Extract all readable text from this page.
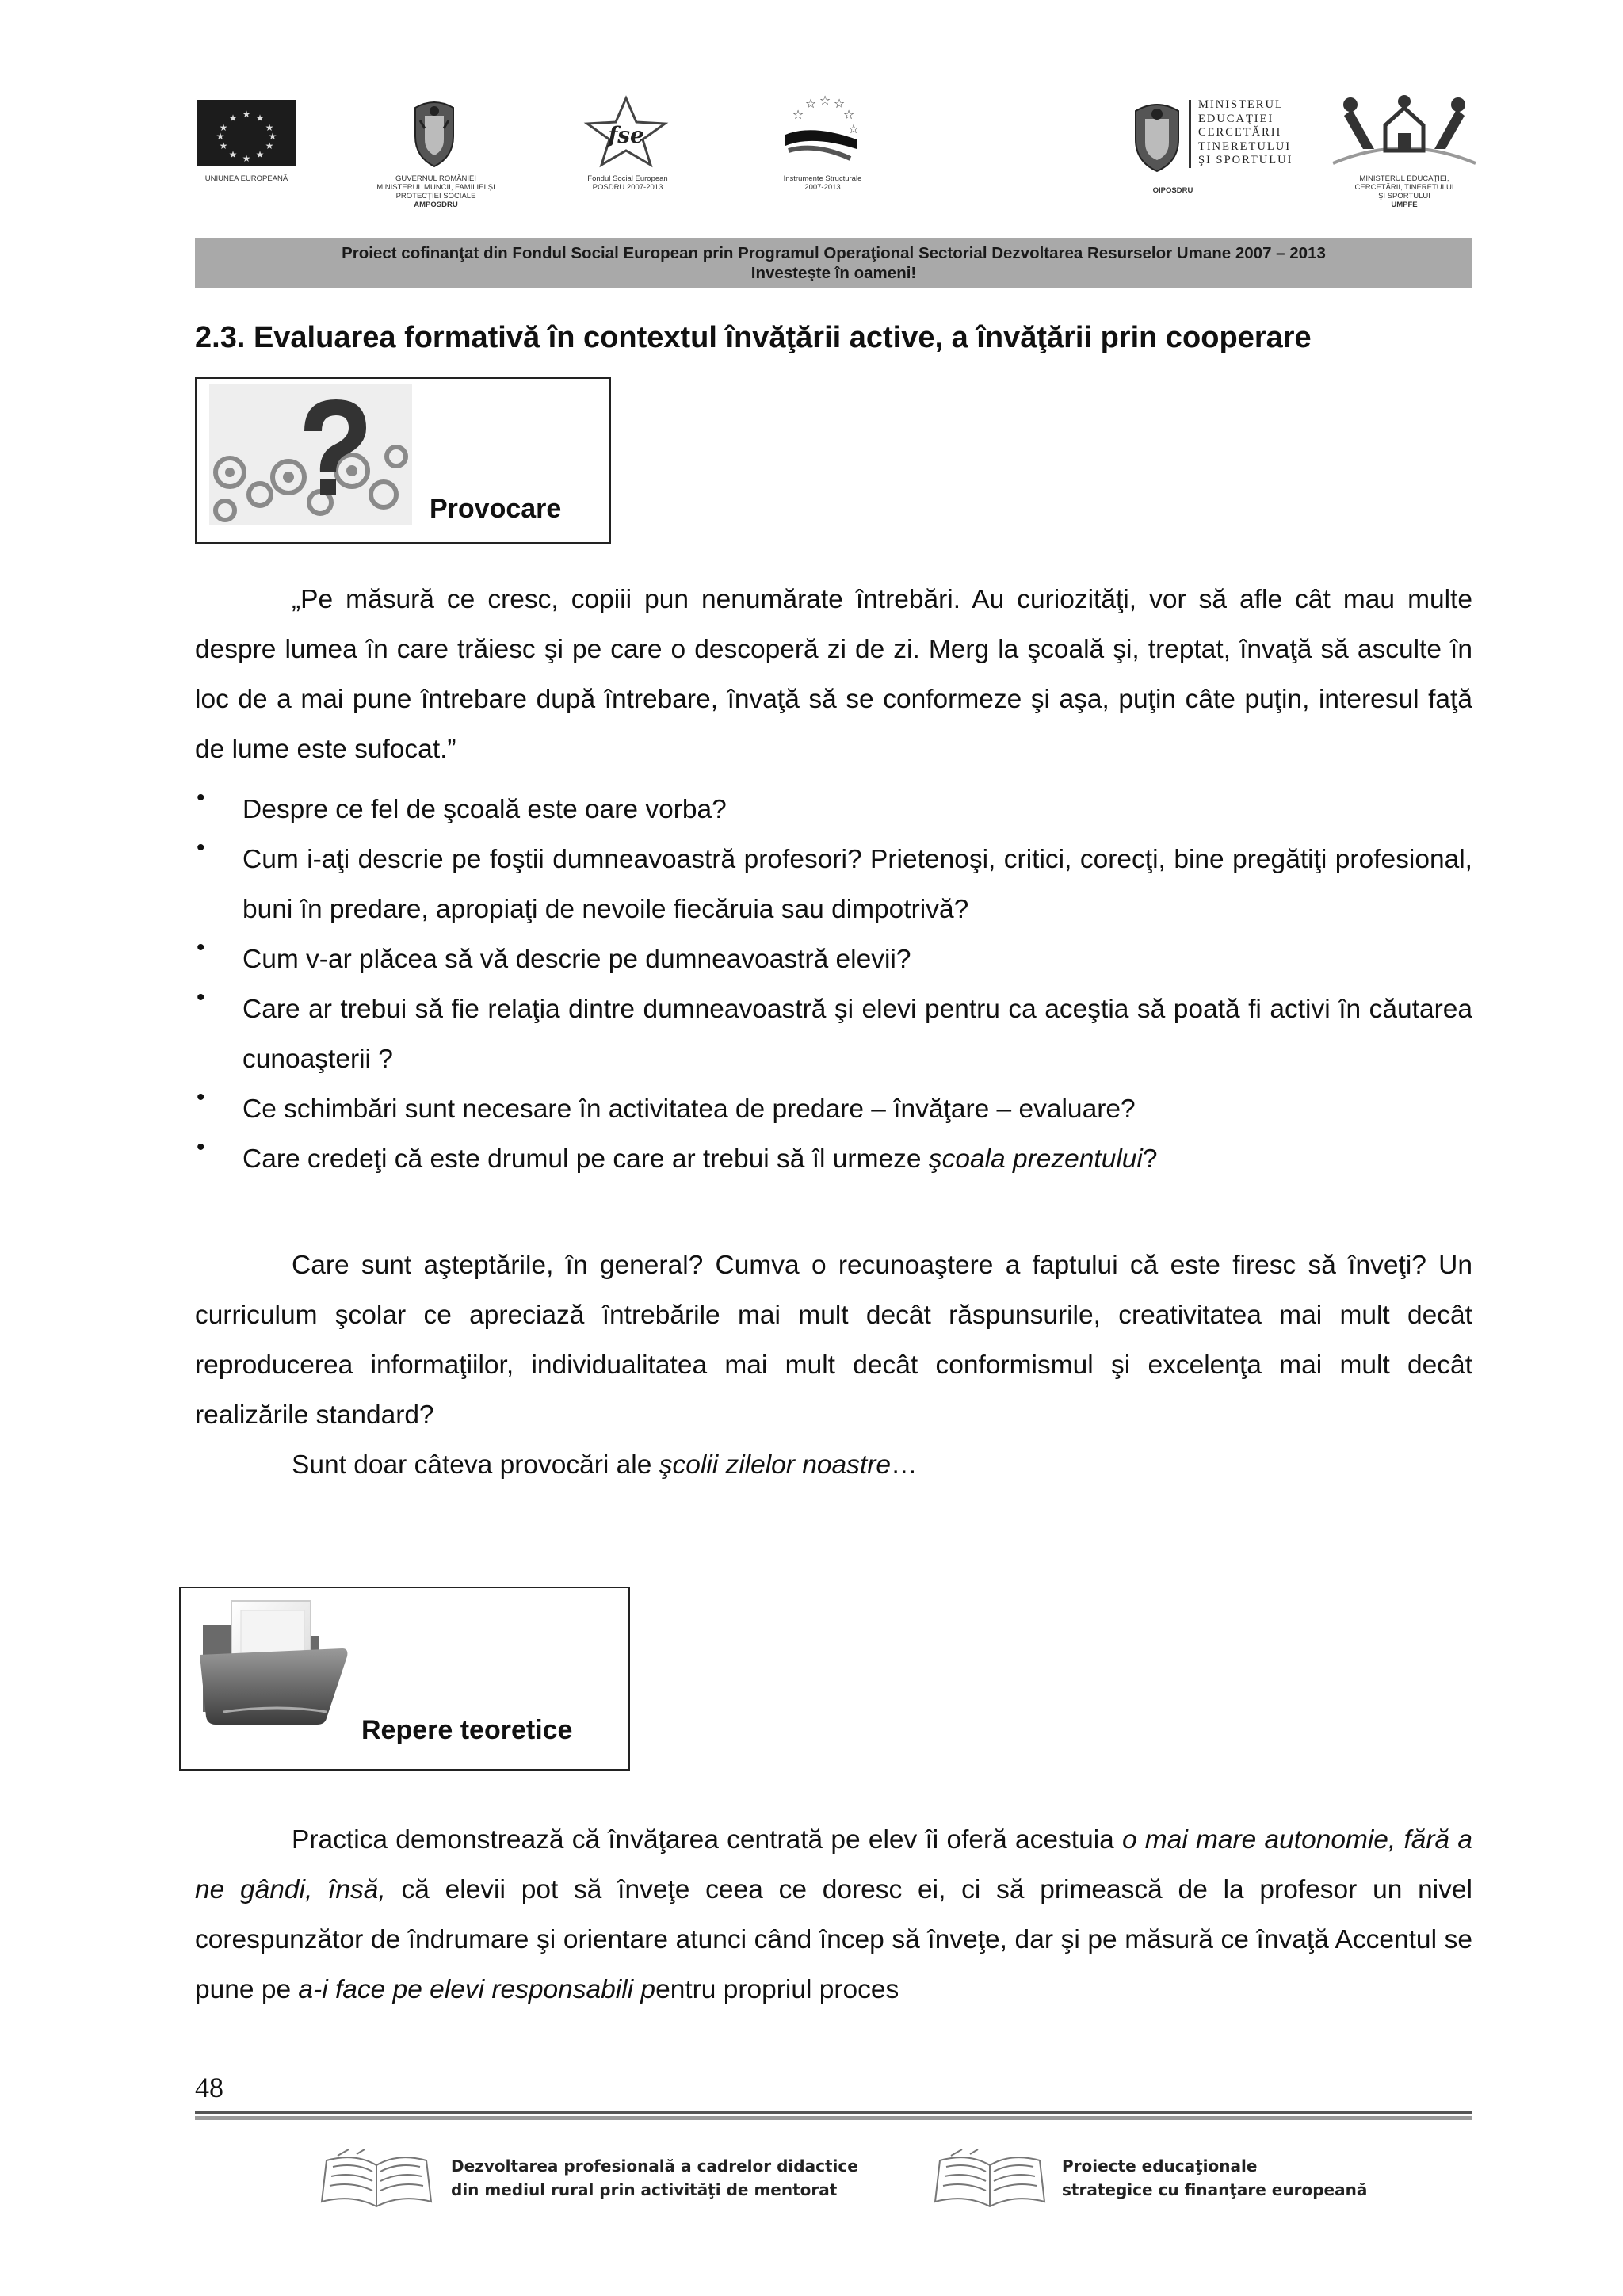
★ ★
★
★
★
★
★
★
★
★
★
★
UNIUNEA EUROPEANĂ	GUVERNUL ROMÂNIEI
MINISTERUL MUNCII, FAMILIEI ŞI
PROTECŢIEI SOCIALE
AMPOSDRU
fse
Fondul Social European
POSDRU 2007-2013
☆ ☆ ☆
☆
☆
☆
Instrumente Structurale
2007-2013
MINISTERUL
EDUCAŢIEI
CERCETĂRII
TINERETULUI
ŞI SPORTULUI
OIPOSDRU
MINISTERUL EDUCAŢIEI,
CERCETĂRII, TINERETULUI
ŞI SPORTULUI
UMPFE
Proiect cofinanţat din Fondul Social European prin Programul Operaţional Sectorial Dezvoltarea Resurselor Umane 2007 – 2013
Investeşte în oameni!
2.3. Evaluarea formativă în contextul învăţării active, a învăţării prin cooperare
Provocare
„Pe măsură ce cresc, copiii pun nenumărate întrebări. Au curiozităţi, vor să afle cât mau multe despre lumea în care trăiesc şi pe care o descoperă zi de zi. Merg la şcoală şi, treptat, învaţă să asculte în loc de a mai pune întrebare după întrebare, învaţă să se conformeze şi aşa, puţin câte puţin, interesul faţă de lume este sufocat.”
• Despre ce fel de şcoală este oare vorba?
• Cum i-aţi descrie pe foştii dumneavoastră profesori? Prietenoşi, critici, corecţi, bine pregătiţi profesional, buni în predare, apropiaţi de nevoile fiecăruia sau dimpotrivă?
• Cum v-ar plăcea să vă descrie pe dumneavoastră elevii?
• Care ar trebui să fie relaţia dintre dumneavoastră şi elevi pentru ca aceştia să poată fi activi în căutarea cunoaşterii ?
• Ce schimbări sunt necesare în activitatea de predare – învăţare – evaluare?
• Care credeţi că este drumul pe care ar trebui să îl urmeze şcoala prezentului?
Care sunt aşteptările, în general? Cumva o recunoaştere a faptului că este firesc să înveţi? Un curriculum şcolar ce apreciază întrebările mai mult decât răspunsurile, creativitatea mai mult decât reproducerea informaţiilor, individualitatea mai mult decât conformismul şi excelenţa mai mult decât realizările standard?
Sunt doar câteva provocări ale şcolii zilelor noastre…
Repere teoretice
Practica demonstrează că învăţarea centrată pe elev îi oferă acestuia o mai mare autonomie, fără a ne gândi, însă, că elevii pot să înveţe ceea ce doresc ei, ci să primească de la profesor un nivel corespunzător de îndrumare şi orientare atunci când încep să înveţe, dar şi pe măsură ce învaţă Accentul se pune pe a-i face pe elevi responsabili pentru propriul proces
48
Dezvoltarea profesională a cadrelor didactice
din mediul rural prin activităţi de mentorat
Proiecte educaţionale
strategice cu finanţare europeană
